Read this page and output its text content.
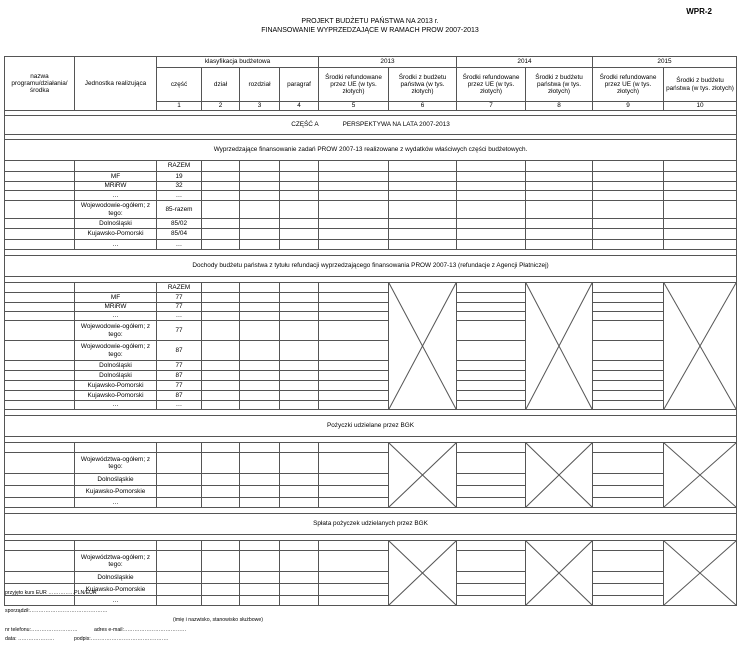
WPR-2
PROJEKT BUDŻETU PAŃSTWA NA 2013 r.
FINANSOWANIE WYPRZEDZAJĄCE W RAMACH PROW 2007-2013
nazwa programu/działania/środka	Jednostka realizująca	klasyfikacja budżetowa				2013		2014		2015		
		część	dział	rozdział	paragraf	Środki refundowane przez UE (w tys. złotych)	Środki z budżetu państwa (w tys. złotych)	Środki refundowane przez UE (w tys. złotych)	Środki z budżetu państwa (w tys. złotych)	Środki refundowane przez UE (w tys. złotych)	Środki z budżetu państwa (w tys. złotych)	
		1	2	3	4	5	6	7	8	9	10		

CZĘŚĆ A PERSPEKTYWA NA LATA 2007-2013												

Wyprzedzające finansowanie zadań PROW 2007-13 realizowane z wydatków właściwych części budżetowych.												
		RAZEM										
	MF	19										
	MRiRW	32										
	…	…										
	Wojewodowie-ogółem; z tego:	85-razem										
	Dolnośląski	85/02										
	Kujawsko-Pomorski	85/04										
	…	…										

Dochody budżetu państwa z tytułu refundacji wyprzedzającego finansowania PROW 2007-13 (refundacje z Agencji Płatniczej)												

		RAZEM					

	MF	77										
	MRiRW	77										
	…	…										
	Wojewodowie-ogółem; z tego:	77										
	Wojewodowie-ogółem; z tego:	87										
	Dolnośląski	77										
	Dolnośląski	87										
	Kujawsko-Pomorski	77										
	Kujawsko-Pomorski	87										
	…	…										

Pożyczki udzielane przez BGK												

	Województwa-ogółem; z tego:											
	Dolnośląskie											
	Kujawsko-Pomorskie											
	…											

Spłata pożyczek udzielanych przez BGK												

	Województwa-ogółem; z tego:											
	Dolnośląskie											
	Kujawsko-Pomorskie											
	…											
przyjęto kurs EUR ……………PLN/EUR
sporządził:………………………………………
(imię i nazwisko, stanowisko służbowe)
nr telefonu:………………………	adres e-mail:………………………………
data: …………………	podpis:………………………………………
